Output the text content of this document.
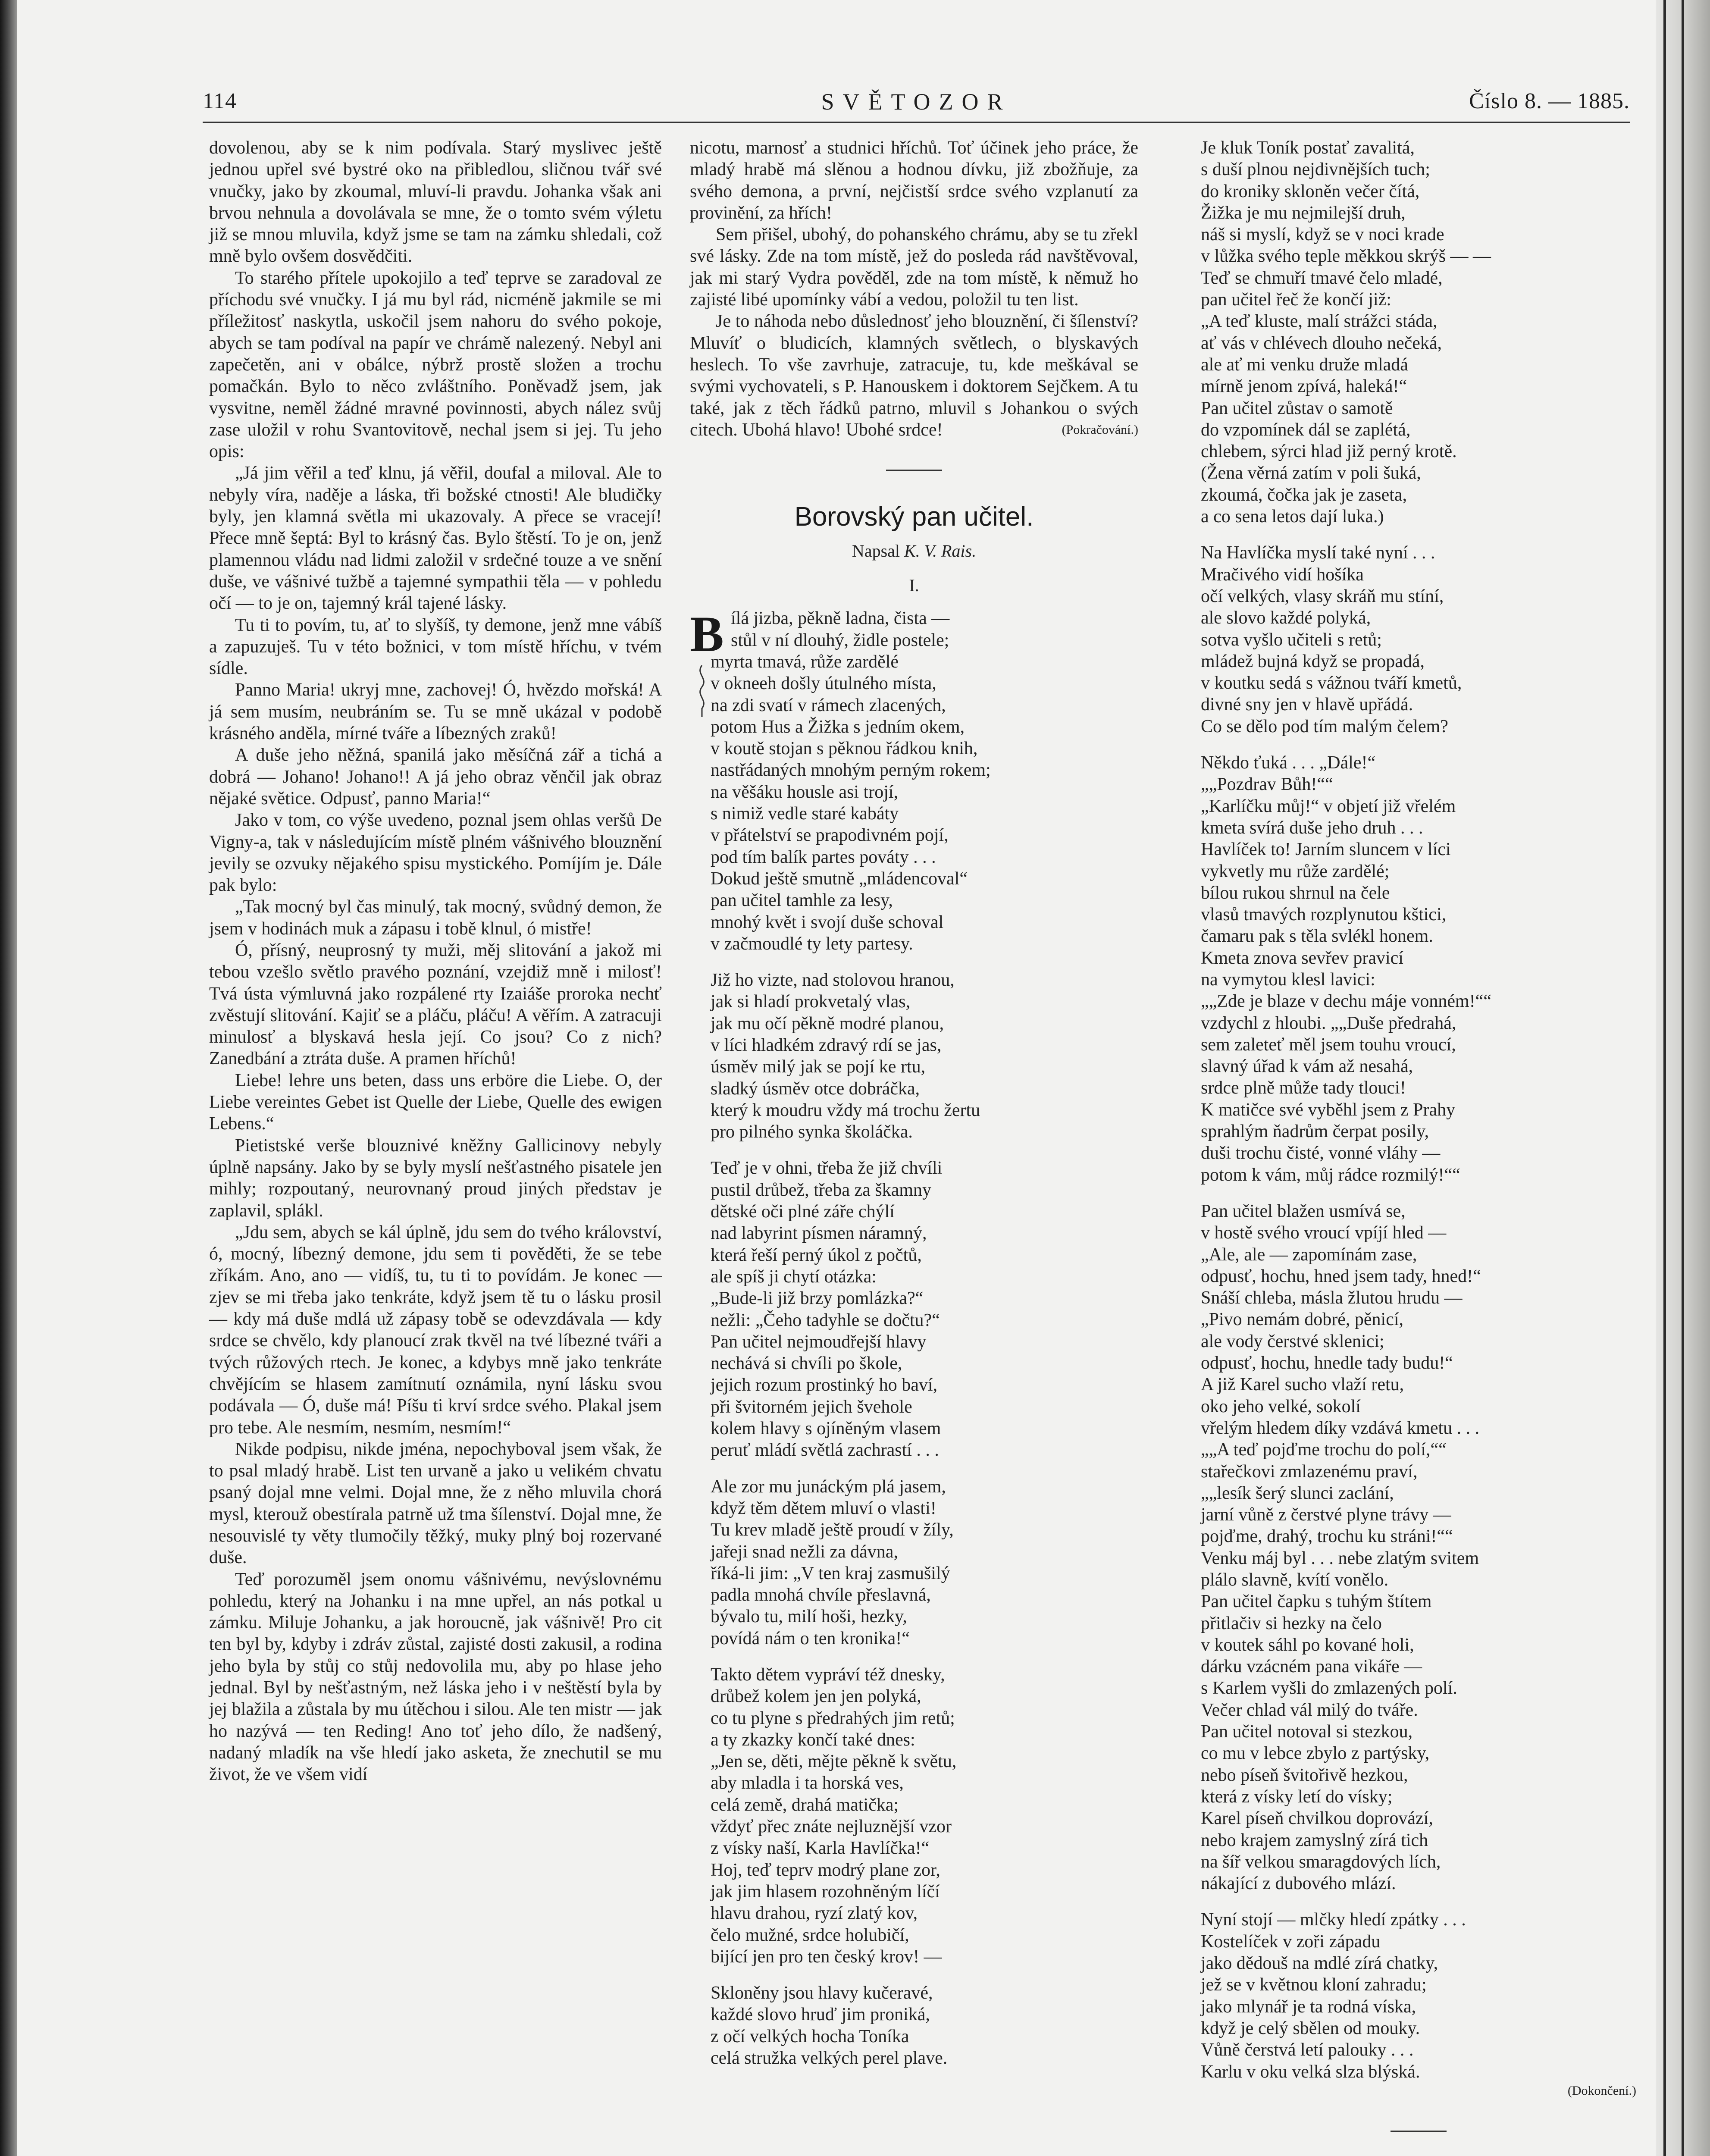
114	SVĚTOZOR	Číslo 8. — 1885.

dovolenou, aby se k nim podívala. Starý myslivec ještě jednou upřel své bystré oko na přibledlou, sličnou tvář své vnučky, jako by zkoumal, mluví-li pravdu. Johanka však ani brvou nehnula a dovolávala se mne, že o tomto svém výletu již se mnou mluvila, když jsme se tam na zámku shledali, což mně bylo ovšem dosvědčiti.

To starého přítele upokojilo a teď teprve se zaradoval ze příchodu své vnučky. I já mu byl rád, nicméně jakmile se mi příležitosť naskytla, uskočil jsem nahoru do svého pokoje, abych se tam podíval na papír ve chrámě nalezený. Nebyl ani zapečetěn, ani v obálce, nýbrž prostě složen a trochu pomačkán. Bylo to něco zvláštního. Poněvadž jsem, jak vysvitne, neměl žádné mravné povinnosti, abych nález svůj zase uložil v rohu Svantovitově, nechal jsem si jej. Tu jeho opis:

„Já jim věřil a teď klnu, já věřil, doufal a miloval. Ale to nebyly víra, naděje a láska, tři božské ctnosti! Ale bludičky byly, jen klamná světla mi ukazovaly. A přece se vracejí! Přece mně šeptá: Byl to krásný čas. Bylo štěstí. To je on, jenž plamennou vládu nad lidmi založil v srdečné touze a ve snění duše, ve vášnivé tužbě a tajemné sympathii těla — v pohledu očí — to je on, tajemný král tajené lásky.

Tu ti to povím, tu, ať to slyšíš, ty demone, jenž mne vábíš a zapuzuješ. Tu v této božnici, v tom místě hříchu, v tvém sídle.

Panno Maria! ukryj mne, zachovej! Ó, hvězdo mořská! A já sem musím, neubráním se. Tu se mně ukázal v podobě krásného anděla, mírné tváře a líbezných zraků!

A duše jeho něžná, spanilá jako měsíčná zář a tichá a dobrá — Johano! Johano!! A já jeho obraz věnčil jak obraz nějaké světice. Odpusť, panno Maria!“

Jako v tom, co výše uvedeno, poznal jsem ohlas veršů De Vigny-a, tak v následujícím místě plném vášnivého blouznění jevily se ozvuky nějakého spisu mystického. Pomíjím je. Dále pak bylo:

„Tak mocný byl čas minulý, tak mocný, svůdný demon, že jsem v hodinách muk a zápasu i tobě klnul, ó mistře!

Ó, přísný, neuprosný ty muži, měj slitování a jakož mi tebou vzešlo světlo pravého poznání, vzejdiž mně i milosť! Tvá ústa výmluvná jako rozpálené rty Izaiáše proroka nechť zvěstují slitování. Kajiť se a pláču, pláču! A věřím. A zatracuji minulosť a blyskavá hesla její. Co jsou? Co z nich? Zanedbání a ztráta duše. A pramen hříchů!

Liebe! lehre uns beten, dass uns erböre die Liebe. O, der Liebe vereintes Gebet ist Quelle der Liebe, Quelle des ewigen Lebens.“

Pietistské verše blouznivé kněžny Gallicinovy nebyly úplně napsány. Jako by se byly myslí nešťastného pisatele jen mihly; rozpoutaný, neurovnaný proud jiných představ je zaplavil, splákl.

„Jdu sem, abych se kál úplně, jdu sem do tvého království, ó, mocný, líbezný demone, jdu sem ti pověděti, že se tebe zříkám. Ano, ano — vidíš, tu, tu ti to povídám. Je konec — zjev se mi třeba jako tenkráte, když jsem tě tu o lásku prosil — kdy má duše mdlá už zápasy tobě se odevzdávala — kdy srdce se chvělo, kdy planoucí zrak tkvěl na tvé líbezné tváři a tvých růžových rtech. Je konec, a kdybys mně jako tenkráte chvějícím se hlasem zamítnutí oznámila, nyní lásku svou podávala — Ó, duše má! Píšu ti krví srdce svého. Plakal jsem pro tebe. Ale nesmím, nesmím, nesmím!“

Nikde podpisu, nikde jména, nepochyboval jsem však, že to psal mladý hrabě. List ten urvaně a jako u velikém chvatu psaný dojal mne velmi. Dojal mne, že z něho mluvila chorá mysl, kterouž obestírala patrně už tma šílenství. Dojal mne, že nesouvislé ty věty tlumočily těžký, muky plný boj rozervané duše.

Teď porozuměl jsem onomu vášnivému, nevýslovnému pohledu, který na Johanku i na mne upřel, an nás potkal u zámku. Miluje Johanku, a jak horoucně, jak vášnivě! Pro cit ten byl by, kdyby i zdráv zůstal, zajisté dosti zakusil, a rodina jeho byla by stůj co stůj nedovolila mu, aby po hlase jeho jednal. Byl by nešťastným, než láska jeho i v neštěstí byla by jej blažila a zůstala by mu útěchou i silou. Ale ten mistr — jak ho nazývá — ten Reding! Ano toť jeho dílo, že nadšený, nadaný mladík na vše hledí jako asketa, že znechutil se mu život, že ve všem vidí

nicotu, marnosť a studnici hříchů. Toť účinek jeho práce, že mladý hrabě má slěnou a hodnou dívku, již zbožňuje, za svého demona, a první, nejčistší srdce svého vzplanutí za provinění, za hřích!

Sem přišel, ubohý, do pohanského chrámu, aby se tu zřekl své lásky. Zde na tom místě, jež do posleda rád navštěvoval, jak mi starý Vydra pověděl, zde na tom místě, k němuž ho zajisté libé upomínky vábí a vedou, položil tu ten list.

Je to náhoda nebo důslednosť jeho blouznění, či šílenství? Mluvíť o bludicích, klamných světlech, o blyskavých heslech. To vše zavrhuje, zatracuje, tu, kde meškával se svými vychovateli, s P. Hanouskem i doktorem Sejčkem. A tu také, jak z těch řádků patrno, mluvil s Johankou o svých citech. Ubohá hlavo! Ubohé srdce!	(Pokračování.)
Borovský pan učitel.
Napsal K. V. Rais.
I.
B ílá jizba, pěkně ladna, čista —
stůl v ní dlouhý, židle postele;
myrta tmavá, růže zardělé
v okneeh došly útulného místa,
na zdi svatí v rámech zlacených,
potom Hus a Žižka s jedním okem,
v koutě stojan s pěknou řádkou knih,
nastřádaných mnohým perným rokem;
na věšáku housle asi trojí,
s nimiž vedle staré kabáty
v přátelství se prapodivném pojí,
pod tím balík partes pováty . . .
Dokud ještě smutně „mládencoval“
pan učitel tamhle za lesy,
mnohý květ i svojí duše schoval
v začmoudlé ty lety partesy.
Již ho vizte, nad stolovou hranou,
jak si hladí prokvetalý vlas,
jak mu očí pěkně modré planou,
v líci hladkém zdravý rdí se jas,
úsměv milý jak se pojí ke rtu,
sladký úsměv otce dobráčka,
který k moudru vždy má trochu žertu
pro pilného synka školáčka.
Teď je v ohni, třeba že již chvíli
pustil drůbež, třeba za škamny
dětské oči plné záře chýlí
nad labyrint písmen náramný,
která řeší perný úkol z počtů,
ale spíš ji chytí otázka:
„Bude-li již brzy pomlázka?“
nežli: „Čeho tadyhle se dočtu?“
Pan učitel nejmoudřejší hlavy
nechává si chvíli po škole,
jejich rozum prostinký ho baví,
při švitorném jejich švehole
kolem hlavy s ojíněným vlasem
peruť mládí světlá zachrastí . . .
Ale zor mu junáckým plá jasem,
když těm dětem mluví o vlasti!
Tu krev mladě ještě proudí v žíly,
jařeji snad nežli za dávna,
říká-li jim: „V ten kraj zasmušilý
padla mnohá chvíle přeslavná,
bývalo tu, milí hoši, hezky,
povídá nám o ten kronika!“
Takto dětem vypráví též dnesky,
drůbež kolem jen jen polyká,
co tu plyne s předrahých jim retů;
a ty zkazky končí také dnes:
„Jen se, děti, mějte pěkně k světu,
aby mladla i ta horská ves,
celá země, drahá matička;
vždyť přec znáte nejluznější vzor
z vísky naší, Karla Havlíčka!“
Hoj, teď teprv modrý plane zor,
jak jim hlasem rozohněným líčí
hlavu drahou, ryzí zlatý kov,
čelo mužné, srdce holubičí,
bijící jen pro ten český krov! —
Skloněny jsou hlavy kučeravé,
každé slovo hruď jim proniká,
z očí velkých hocha Toníka
celá stružka velkých perel plave.
Je kluk Toník postať zavalitá,
s duší plnou nejdivnějších tuch;
do kroniky skloněn večer čítá,
Žižka je mu nejmilejší druh,
náš si myslí, když se v noci krade
v lůžka svého teple měkkou skrýš — —
Teď se chmuří tmavé čelo mladé,
pan učitel řeč že končí již:
„A teď kluste, malí strážci stáda,
ať vás v chlévech dlouho nečeká,
ale ať mi venku druže mladá
mírně jenom zpívá, haleká!“
Pan učitel zůstav o samotě
do vzpomínek dál se zaplétá,
chlebem, sýrci hlad již perný krotě.
(Žena věrná zatím v poli šuká,
zkoumá, čočka jak je zaseta,
a co sena letos dají luka.)
Na Havlíčka myslí také nyní . . .
Mračivého vidí hošíka
očí velkých, vlasy skráň mu stíní,
ale slovo každé polyká,
sotva vyšlo učiteli s retů;
mládež bujná když se propadá,
v koutku sedá s vážnou tváří kmetů,
divné sny jen v hlavě upřádá.
Co se dělo pod tím malým čelem?
Někdo ťuká . . . „Dále!“
„„Pozdrav Bůh!““
„Karlíčku můj!“ v objetí již vřelém
kmeta svírá duše jeho druh . . .
Havlíček to! Jarním sluncem v líci
vykvetly mu růže zardělé;
bílou rukou shrnul na čele
vlasů tmavých rozplynutou kštici,
čamaru pak s těla svlékl honem.
Kmeta znova sevřev pravicí
na vymytou klesl lavici:
„„Zde je blaze v dechu máje vonném!““
vzdychl z hloubi. „„Duše předrahá,
sem zaleteť měl jsem touhu vroucí,
slavný úřad k vám až nesahá,
srdce plně může tady tlouci!
K matičce své vyběhl jsem z Prahy
sprahlým ňadrům čerpat posily,
duši trochu čisté, vonné vláhy —
potom k vám, můj rádce rozmilý!““
Pan učitel blažen usmívá se,
v hostě svého vroucí vpíjí hled —
„Ale, ale — zapomínám zase,
odpusť, hochu, hned jsem tady, hned!“
Snáší chleba, másla žlutou hrudu —
„Pivo nemám dobré, pěnicí,
ale vody čerstvé sklenici;
odpusť, hochu, hnedle tady budu!“
A již Karel sucho vlaží retu,
oko jeho velké, sokolí
vřelým hledem díky vzdává kmetu . . .
„„A teď pojďme trochu do polí,““
stařečkovi zmlazenému praví,
„„lesík šerý slunci zaclání,
jarní vůně z čerstvé plyne trávy —
pojďme, drahý, trochu ku stráni!““
Venku máj byl . . . nebe zlatým svitem
plálo slavně, kvítí vonělo.
Pan učitel čapku s tuhým štítem
přitlačiv si hezky na čelo
v koutek sáhl po kované holi,
dárku vzácném pana vikáře —
s Karlem vyšli do zmlazených polí.
Večer chlad vál milý do tváře.
Pan učitel notoval si stezkou,
co mu v lebce zbylo z partýsky,
nebo píseň švitořivě hezkou,
která z vísky letí do vísky;
Karel píseň chvilkou doprovází,
nebo krajem zamyslný zírá tich
na šíř velkou smaragdových lích,
nákající z dubového mlází.
Nyní stojí — mlčky hledí zpátky . . .
Kostelíček v zoři západu
jako dědouš na mdlé zírá chatky,
jež se v květnou kloní zahradu;
jako mlynář je ta rodná víska,
když je celý sbělen od mouky.
Vůně čerstvá letí palouky . . .
Karlu v oku velká slza blýská.
(Dokončení.)
